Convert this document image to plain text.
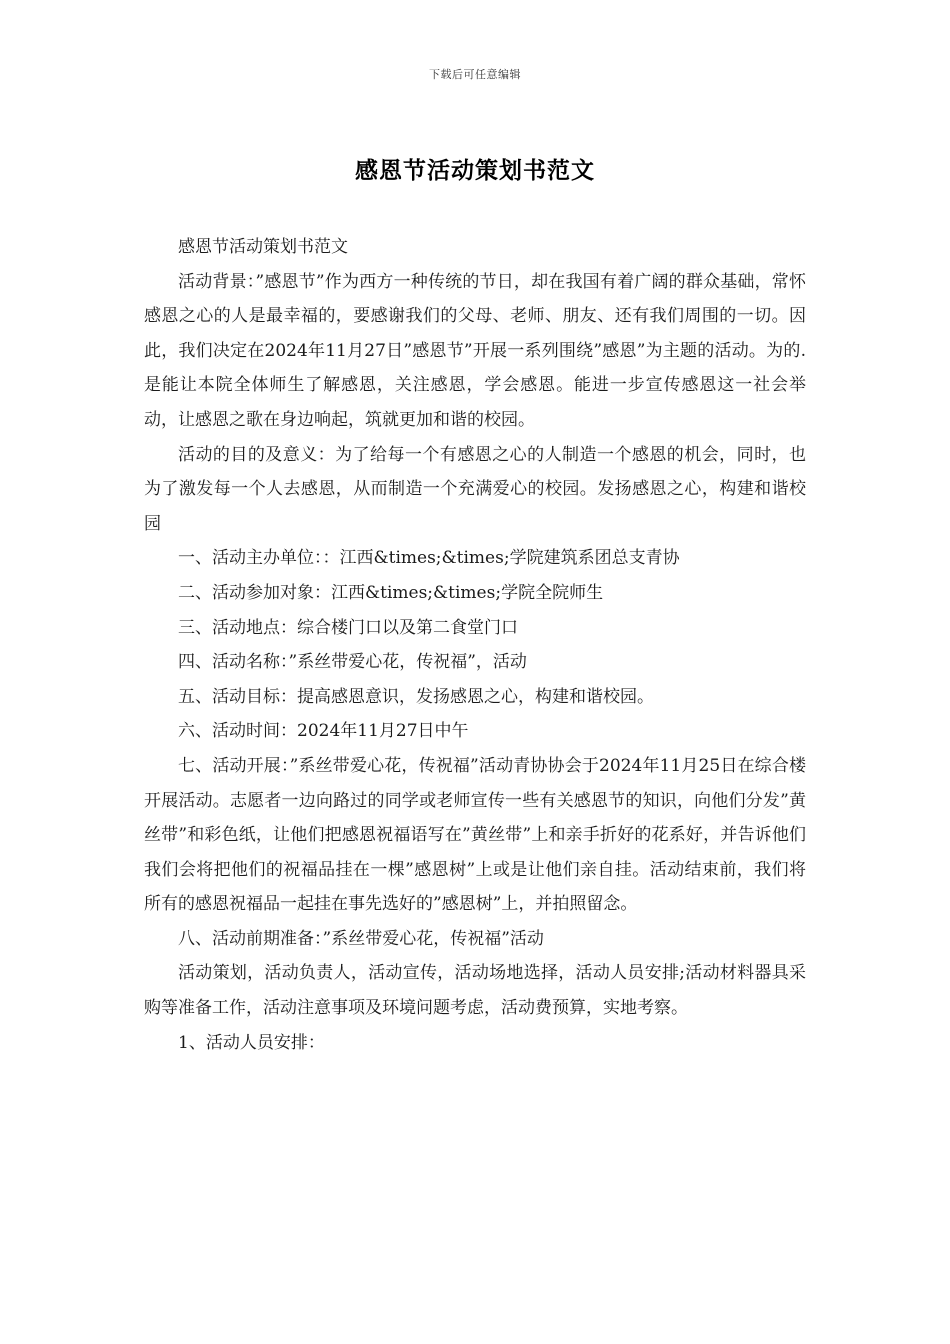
下载后可任意编辑
感恩节活动策划书范文

感恩节活动策划书范文

活动背景：”感恩节”作为西方一种传统的节日，却在我国有着广阔的群众基础，常怀感恩之心的人是最幸福的，要感谢我们的父母、老师、朋友、还有我们周围的一切。因此，我们决定在2024年11月27日”感恩节”开展一系列围绕”感恩”为主题的活动。为的.是能让本院全体师生了解感恩，关注感恩，学会感恩。能进一步宣传感恩这一社会举动，让感恩之歌在身边响起，筑就更加和谐的校园。

活动的目的及意义：为了给每一个有感恩之心的人制造一个感恩的机会，同时，也为了激发每一个人去感恩，从而制造一个充满爱心的校园。发扬感恩之心，构建和谐校园

一、活动主办单位：：江西&times;&times;学院建筑系团总支青协

二、活动参加对象：江西&times;&times;学院全院师生

三、活动地点：综合楼门口以及第二食堂门口

四、活动名称：”系丝带爱心花，传祝福”，活动

五、活动目标：提高感恩意识，发扬感恩之心，构建和谐校园。

六、活动时间：2024年11月27日中午

七、活动开展：”系丝带爱心花，传祝福”活动青协协会于2024年11月25日在综合楼开展活动。志愿者一边向路过的同学或老师宣传一些有关感恩节的知识，向他们分发”黄丝带”和彩色纸，让他们把感恩祝福语写在”黄丝带”上和亲手折好的花系好，并告诉他们我们会将把他们的祝福品挂在一棵”感恩树”上或是让他们亲自挂。活动结束前，我们将所有的感恩祝福品一起挂在事先选好的”感恩树”上，并拍照留念。

八、活动前期准备：”系丝带爱心花，传祝福”活动

活动策划，活动负责人，活动宣传，活动场地选择，活动人员安排;活动材料器具采购等准备工作，活动注意事项及环境问题考虑，活动费预算，实地考察。

1、活动人员安排：
